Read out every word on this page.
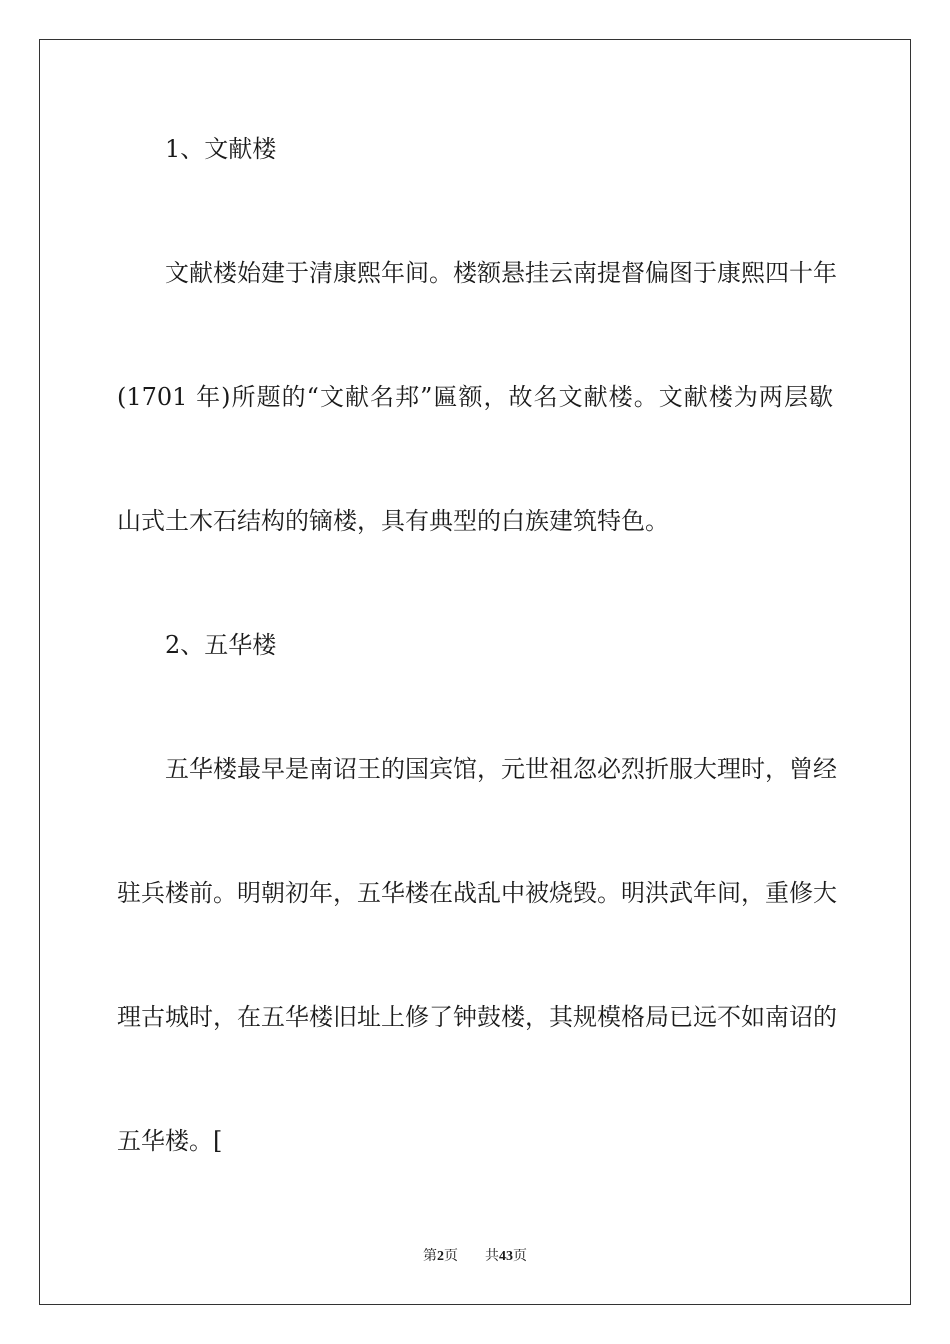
1、文献楼
文献楼始建于清康熙年间。楼额悬挂云南提督偏图于康熙四十年
(1701 年)所题的“文献名邦”匾额，故名文献楼。文献楼为两层歇
山式土木石结构的镝楼，具有典型的白族建筑特色。
2、五华楼
五华楼最早是南诏王的国宾馆，元世祖忽必烈折服大理时，曾经
驻兵楼前。明朝初年，五华楼在战乱中被烧毁。明洪武年间，重修大
理古城时，在五华楼旧址上修了钟鼓楼，其规模格局已远不如南诏的
五华楼。[
第2页 共43页
